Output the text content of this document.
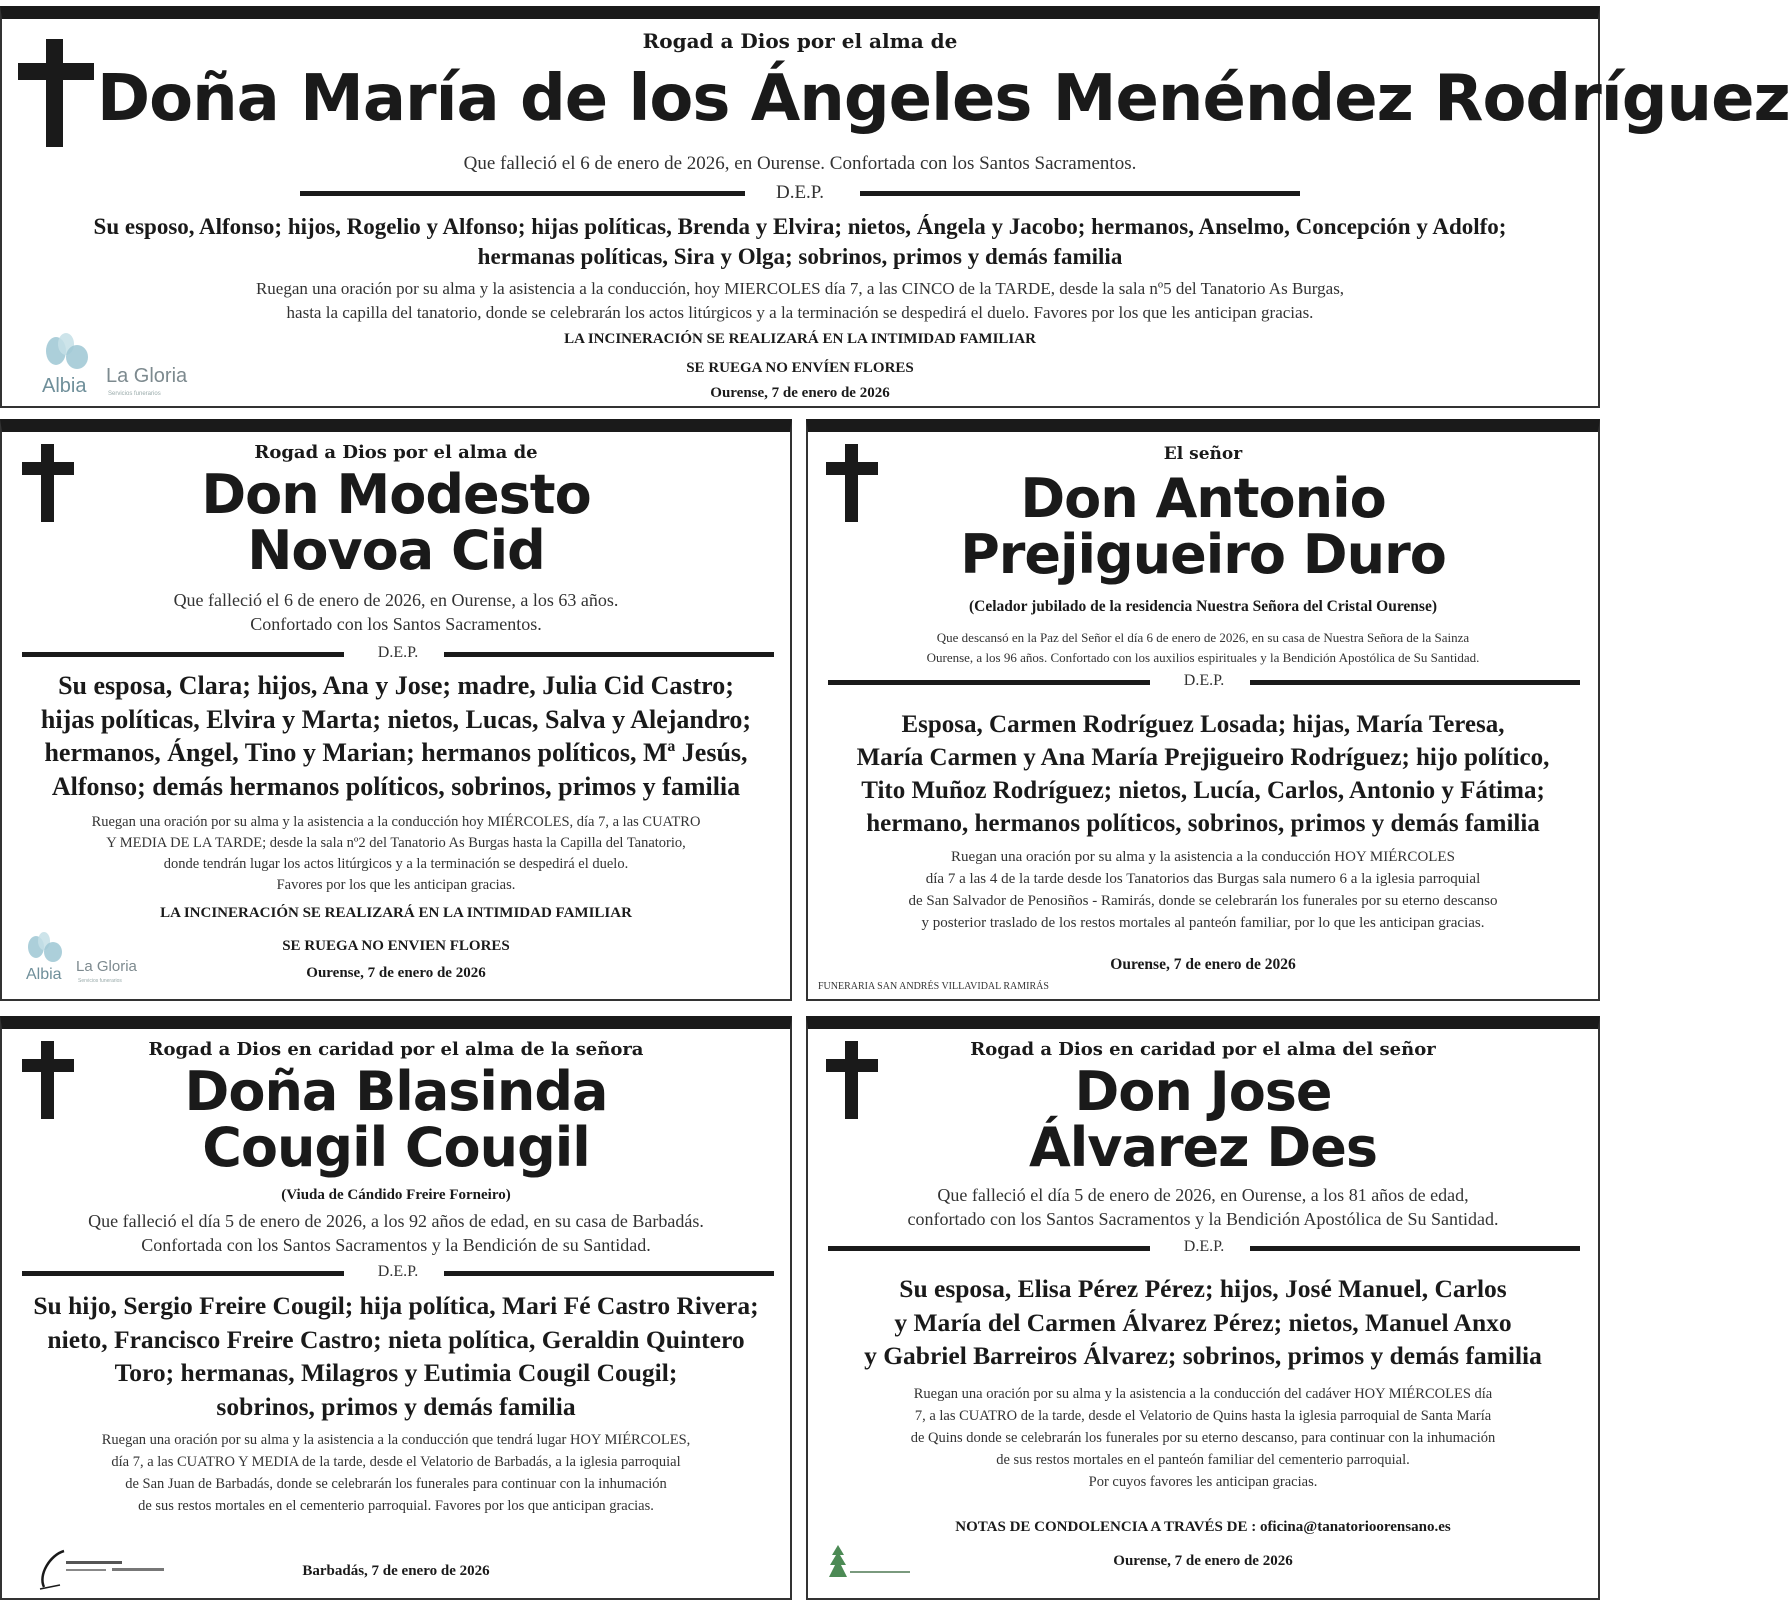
Rogad a Dios por el alma de
Doña María de los Ángeles Menéndez Rodríguez
Que falleció el 6 de enero de 2026, en Ourense. Confortada con los Santos Sacramentos.
D.E.P.
Su esposo, Alfonso; hijos, Rogelio y Alfonso; hijas políticas, Brenda y Elvira; nietos, Ángela y Jacobo; hermanos, Anselmo, Concepción y Adolfo;
hermanas políticas, Sira y Olga; sobrinos, primos y demás familia
Ruegan una oración por su alma y la asistencia a la conducción, hoy MIERCOLES día 7, a las CINCO de la TARDE, desde la sala nº5 del Tanatorio As Burgas,
hasta la capilla del tanatorio, donde se celebrarán los actos litúrgicos y a la terminación se despedirá el duelo. Favores por los que les anticipan gracias.
LA INCINERACIÓN SE REALIZARÁ EN LA INTIMIDAD FAMILIAR
SE RUEGA NO ENVÍEN FLORES
Ourense, 7 de enero de 2026
Albia La Gloria
Servicios funerarios
Rogad a Dios por el alma de
Don Modesto
Novoa Cid
Que falleció el 6 de enero de 2026, en Ourense, a los 63 años.
Confortado con los Santos Sacramentos.
D.E.P.
Su esposa, Clara; hijos, Ana y Jose; madre, Julia Cid Castro;
hijas políticas, Elvira y Marta; nietos, Lucas, Salva y Alejandro;
hermanos, Ángel, Tino y Marian; hermanos políticos, Mª Jesús,
Alfonso; demás hermanos políticos, sobrinos, primos y familia
Ruegan una oración por su alma y la asistencia a la conducción hoy MIÉRCOLES, día 7, a las CUATRO
Y MEDIA DE LA TARDE; desde la sala nº2 del Tanatorio As Burgas hasta la Capilla del Tanatorio,
donde tendrán lugar los actos litúrgicos y a la terminación se despedirá el duelo.
Favores por los que les anticipan gracias.
LA INCINERACIÓN SE REALIZARÁ EN LA INTIMIDAD FAMILIAR
SE RUEGA NO ENVIEN FLORES
Ourense, 7 de enero de 2026
Albia La Gloria
Servicios funerarios
El señor
Don Antonio
Prejigueiro Duro
(Celador jubilado de la residencia Nuestra Señora del Cristal Ourense)
Que descansó en la Paz del Señor el día 6 de enero de 2026, en su casa de Nuestra Señora de la Sainza
Ourense, a los 96 años. Confortado con los auxilios espirituales y la Bendición Apostólica de Su Santidad.
D.E.P.
Esposa, Carmen Rodríguez Losada; hijas, María Teresa,
María Carmen y Ana María Prejigueiro Rodríguez; hijo político,
Tito Muñoz Rodríguez; nietos, Lucía, Carlos, Antonio y Fátima;
hermano, hermanos políticos, sobrinos, primos y demás familia
Ruegan una oración por su alma y la asistencia a la conducción HOY MIÉRCOLES
día 7 a las 4 de la tarde desde los Tanatorios das Burgas sala numero 6 a la iglesia parroquial
de San Salvador de Penosiños - Ramirás, donde se celebrarán los funerales por su eterno descanso
y posterior traslado de los restos mortales al panteón familiar, por lo que les anticipan gracias.
Ourense, 7 de enero de 2026
FUNERARIA SAN ANDRÉS VILLAVIDAL RAMIRÁS
Rogad a Dios en caridad por el alma de la señora
Doña Blasinda
Cougil Cougil
(Viuda de Cándido Freire Forneiro)
Que falleció el día 5 de enero de 2026, a los 92 años de edad, en su casa de Barbadás.
Confortada con los Santos Sacramentos y la Bendición de su Santidad.
D.E.P.
Su hijo, Sergio Freire Cougil; hija política, Mari Fé Castro Rivera;
nieto, Francisco Freire Castro; nieta política, Geraldin Quintero
Toro; hermanas, Milagros y Eutimia Cougil Cougil;
sobrinos, primos y demás familia
Ruegan una oración por su alma y la asistencia a la conducción que tendrá lugar HOY MIÉRCOLES,
día 7, a las CUATRO Y MEDIA de la tarde, desde el Velatorio de Barbadás, a la iglesia parroquial
de San Juan de Barbadás, donde se celebrarán los funerales para continuar con la inhumación
de sus restos mortales en el cementerio parroquial. Favores por los que anticipan gracias.
Barbadás, 7 de enero de 2026
Rogad a Dios en caridad por el alma del señor
Don Jose
Álvarez Des
Que falleció el día 5 de enero de 2026, en Ourense, a los 81 años de edad,
confortado con los Santos Sacramentos y la Bendición Apostólica de Su Santidad.
D.E.P.
Su esposa, Elisa Pérez Pérez; hijos, José Manuel, Carlos
y María del Carmen Álvarez Pérez; nietos, Manuel Anxo
y Gabriel Barreiros Álvarez; sobrinos, primos y demás familia
Ruegan una oración por su alma y la asistencia a la conducción del cadáver HOY MIÉRCOLES día
7, a las CUATRO de la tarde, desde el Velatorio de Quins hasta la iglesia parroquial de Santa María
de Quins donde se celebrarán los funerales por su eterno descanso, para continuar con la inhumación
de sus restos mortales en el panteón familiar del cementerio parroquial.
Por cuyos favores les anticipan gracias.
NOTAS DE CONDOLENCIA A TRAVÉS DE : oficina@tanatorioorensano.es
Ourense, 7 de enero de 2026
